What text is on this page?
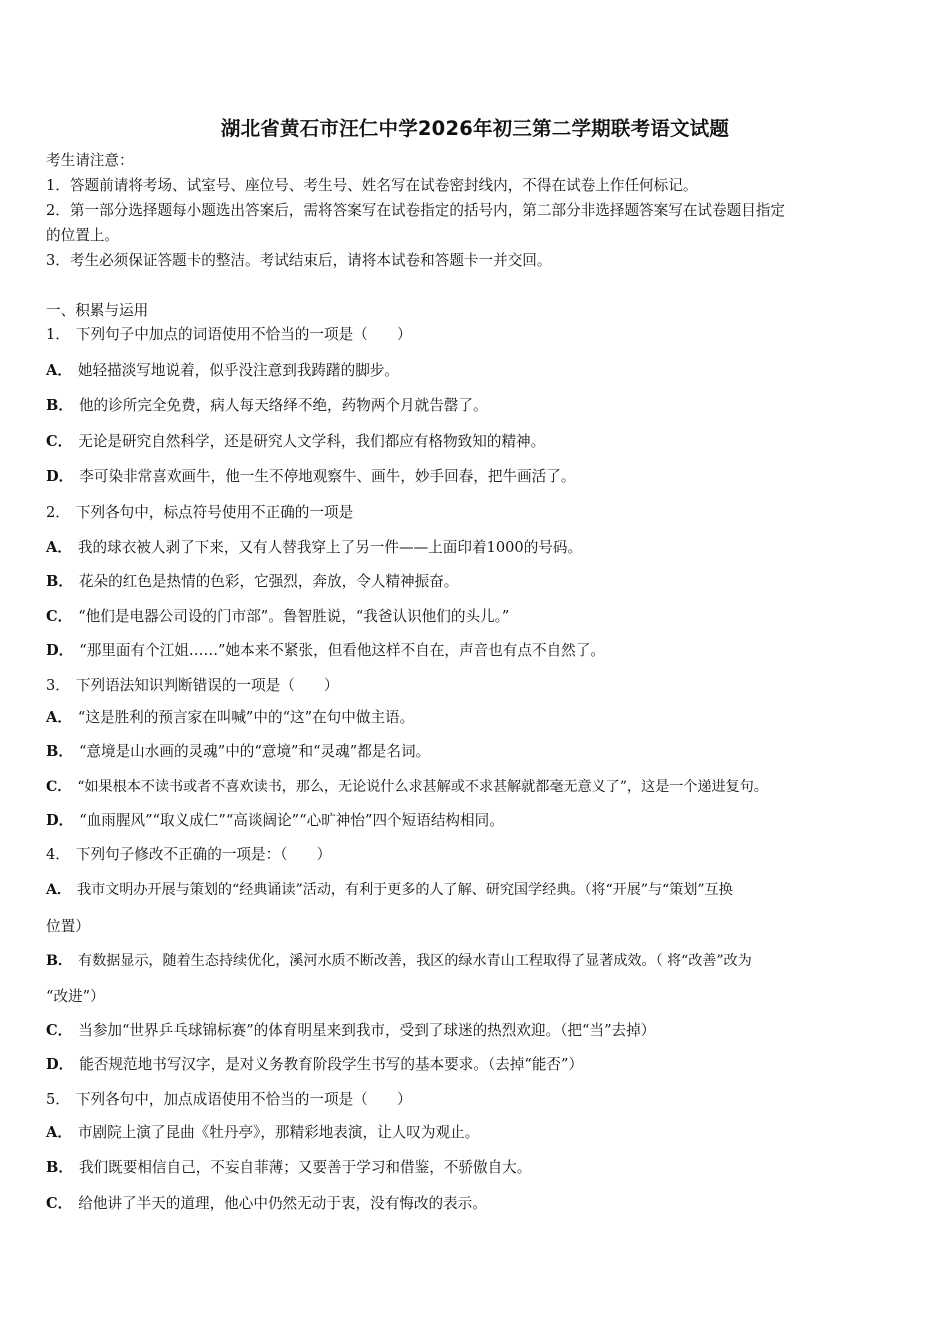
湖北省黄石市汪仁中学2026年初三第二学期联考语文试题
考生请注意：
1．答题前请将考场、试室号、座位号、考生号、姓名写在试卷密封线内，不得在试卷上作任何标记。
2．第一部分选择题每小题选出答案后，需将答案写在试卷指定的括号内，第二部分非选择题答案写在试卷题目指定
的位置上。
3．考生必须保证答题卡的整洁。考试结束后，请将本试卷和答题卡一并交回。
一、积累与运用
1． 下列句子中加点的词语使用不恰当的一项是（　　）
A． 她轻描淡写地说着，似乎没注意到我踌躇的脚步。
B． 他的诊所完全免费，病人每天络绎不绝，药物两个月就告罄了。
C． 无论是研究自然科学，还是研究人文学科，我们都应有格物致知的精神。
D． 李可染非常喜欢画牛，他一生不停地观察牛、画牛，妙手回春，把牛画活了。
2． 下列各句中，标点符号使用不正确的一项是
A． 我的球衣被人剥了下来，又有人替我穿上了另一件——上面印着1000的号码。
B． 花朵的红色是热情的色彩，它强烈，奔放，令人精神振奋。
C． “他们是电器公司设的门市部”。鲁智胜说，“我爸认识他们的头儿。”
D． “那里面有个江姐……”她本来不紧张，但看他这样不自在，声音也有点不自然了。
3． 下列语法知识判断错误的一项是（　　）
A． “这是胜利的预言家在叫喊”中的“这”在句中做主语。
B． “意境是山水画的灵魂”中的“意境”和“灵魂”都是名词。
C． “如果根本不读书或者不喜欢读书，那么，无论说什么求甚解或不求甚解就都毫无意义了”，这是一个递进复句。
D． “血雨腥风”“取义成仁”“高谈阔论”“心旷神怡”四个短语结构相同。
4． 下列句子修改不正确的一项是：（　　）
A． 我市文明办开展与策划的“经典诵读”活动，有利于更多的人了解、研究国学经典。（将“开展”与“策划”互换
位置）
B． 有数据显示，随着生态持续优化，溪河水质不断改善，我区的绿水青山工程取得了显著成效。（ 将“改善”改为
“改进”）
C． 当参加“世界乒乓球锦标赛”的体育明星来到我市，受到了球迷的热烈欢迎。（把“当”去掉）
D． 能否规范地书写汉字，是对义务教育阶段学生书写的基本要求。（去掉“能否”）
5． 下列各句中，加点成语使用不恰当的一项是（　　）
A． 市剧院上演了昆曲《牡丹亭》，那精彩地表演，让人叹为观止。
B． 我们既要相信自己，不妄自菲薄；又要善于学习和借鉴，不骄傲自大。
C． 给他讲了半天的道理，他心中仍然无动于衷，没有悔改的表示。
